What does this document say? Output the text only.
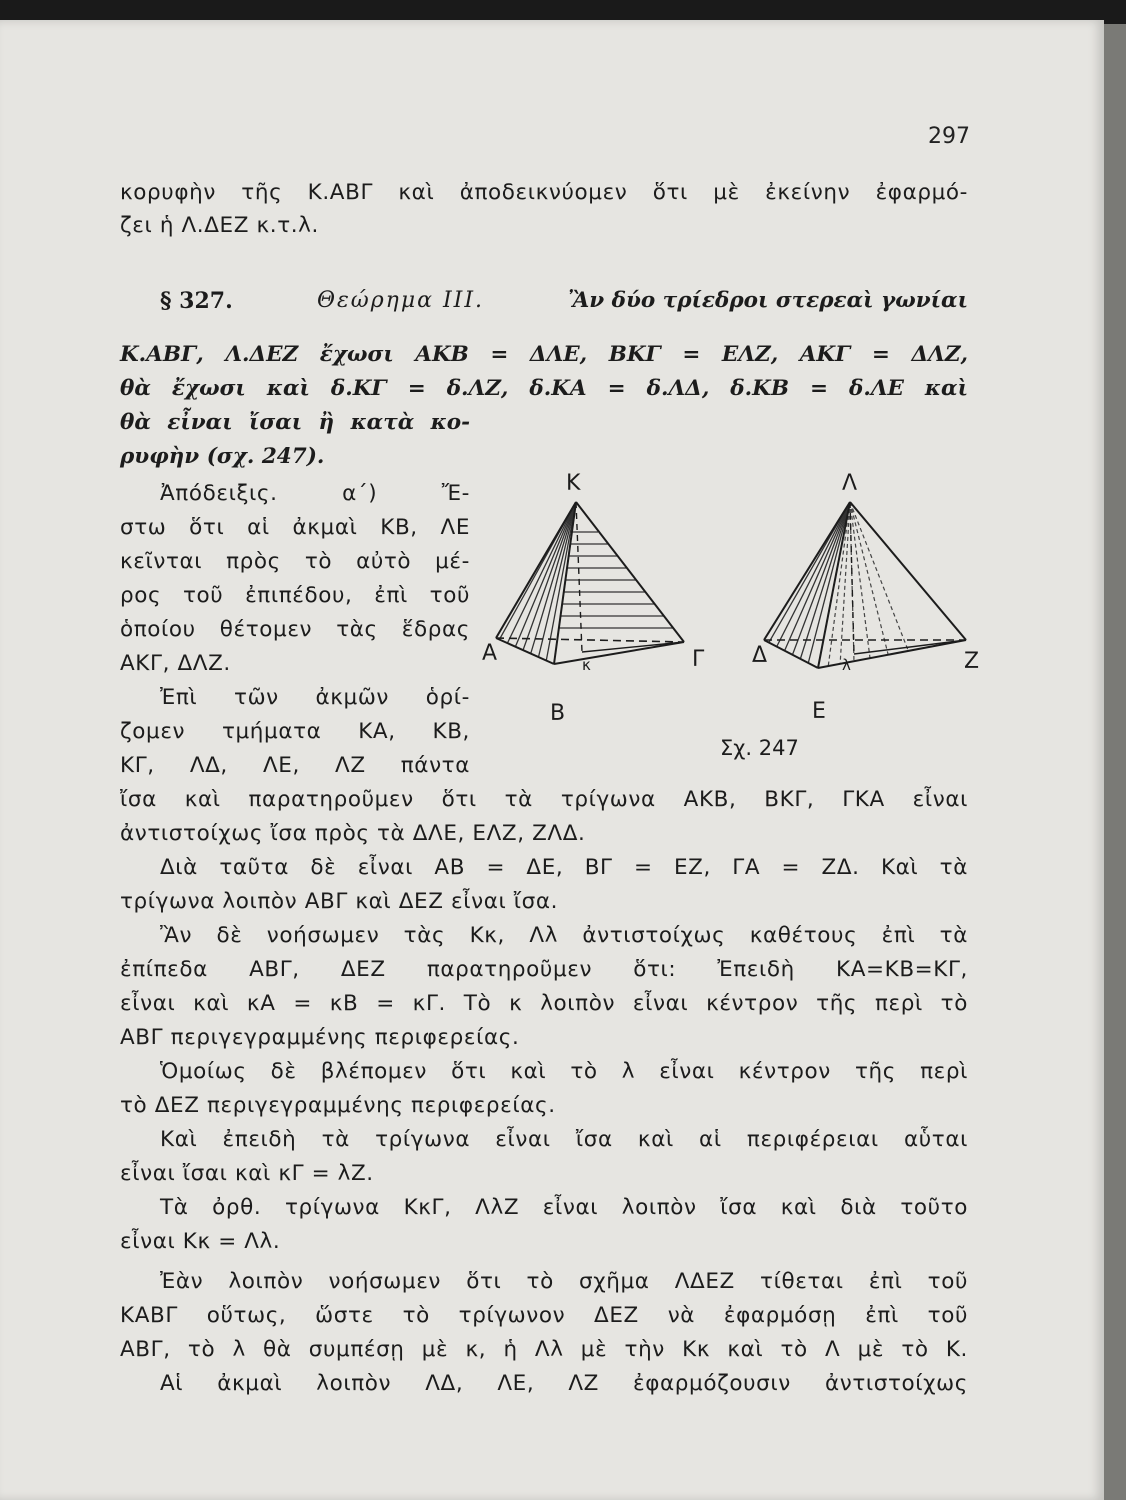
297
κορυφὴν τῆς Κ.ΑΒΓ καὶ ἀποδεικνύομεν ὅτι μὲ ἐκείνην ἐφαρμό-
ζει ἡ Λ.ΔΕΖ κ.τ.λ.
§ 327.	Θεώρημα ΙΙΙ.	Ἂν δύο τρίεδροι στερεαὶ γωνίαι
Κ.ΑΒΓ, Λ.ΔΕΖ ἔχωσι ΑΚΒ = ΔΛΕ, ΒΚΓ = ΕΛΖ, ΑΚΓ = ΔΛΖ,
θὰ ἔχωσι καὶ δ.ΚΓ = δ.ΛΖ, δ.ΚΑ = δ.ΛΔ, δ.ΚΒ = δ.ΛΕ καὶ
θὰ εἶναι ἴσαι ἢ κατὰ κο-
ρυφὴν (σχ. 247).
Ἀπόδειξις. α΄) Ἔ-
στω ὅτι αἱ ἀκμαὶ ΚΒ, ΛΕ
κεῖνται πρὸς τὸ αὐτὸ μέ-
ρος τοῦ ἐπιπέδου, ἐπὶ τοῦ
ὁποίου θέτομεν τὰς ἕδρας
ΑΚΓ, ΔΛΖ.
Ἐπὶ τῶν ἀκμῶν ὁρί-
ζομεν τμήματα ΚΑ, ΚΒ,
ΚΓ, ΛΔ, ΛΕ, ΛΖ πάντα
Κ
Α
Β
Γ
κ
Λ
Δ
Ε
Ζ
λ
Σχ. 247
ἴσα καὶ παρατηροῦμεν ὅτι τὰ τρίγωνα ΑΚΒ, ΒΚΓ, ΓΚΑ εἶναι
ἀντιστοίχως ἴσα πρὸς τὰ ΔΛΕ, ΕΛΖ, ΖΛΔ.
Διὰ ταῦτα δὲ εἶναι ΑΒ = ΔΕ, ΒΓ = ΕΖ, ΓΑ = ΖΔ. Καὶ τὰ
τρίγωνα λοιπὸν ΑΒΓ καὶ ΔΕΖ εἶναι ἴσα.
Ἂν δὲ νοήσωμεν τὰς Κκ, Λλ ἀντιστοίχως καθέτους ἐπὶ τὰ
ἐπίπεδα ΑΒΓ, ΔΕΖ παρατηροῦμεν ὅτι: Ἐπειδὴ ΚΑ=ΚΒ=ΚΓ,
εἶναι καὶ κΑ = κΒ = κΓ. Τὸ κ λοιπὸν εἶναι κέντρον τῆς περὶ τὸ
ΑΒΓ περιγεγραμμένης περιφερείας.
Ὁμοίως δὲ βλέπομεν ὅτι καὶ τὸ λ εἶναι κέντρον τῆς περὶ
τὸ ΔΕΖ περιγεγραμμένης περιφερείας.
Καὶ ἐπειδὴ τὰ τρίγωνα εἶναι ἴσα καὶ αἱ περιφέρειαι αὗται
εἶναι ἴσαι καὶ κΓ = λΖ.
Τὰ ὀρθ. τρίγωνα ΚκΓ, ΛλΖ εἶναι λοιπὸν ἴσα καὶ διὰ τοῦτο
εἶναι Κκ = Λλ.
Ἐὰν λοιπὸν νοήσωμεν ὅτι τὸ σχῆμα ΛΔΕΖ τίθεται ἐπὶ τοῦ
ΚΑΒΓ οὕτως, ὥστε τὸ τρίγωνον ΔΕΖ νὰ ἐφαρμόσῃ ἐπὶ τοῦ
ΑΒΓ, τὸ λ θὰ συμπέσῃ μὲ κ, ἡ Λλ μὲ τὴν Κκ καὶ τὸ Λ μὲ τὸ Κ.
Αἱ ἀκμαὶ λοιπὸν ΛΔ, ΛΕ, ΛΖ ἐφαρμόζουσιν ἀντιστοίχως
